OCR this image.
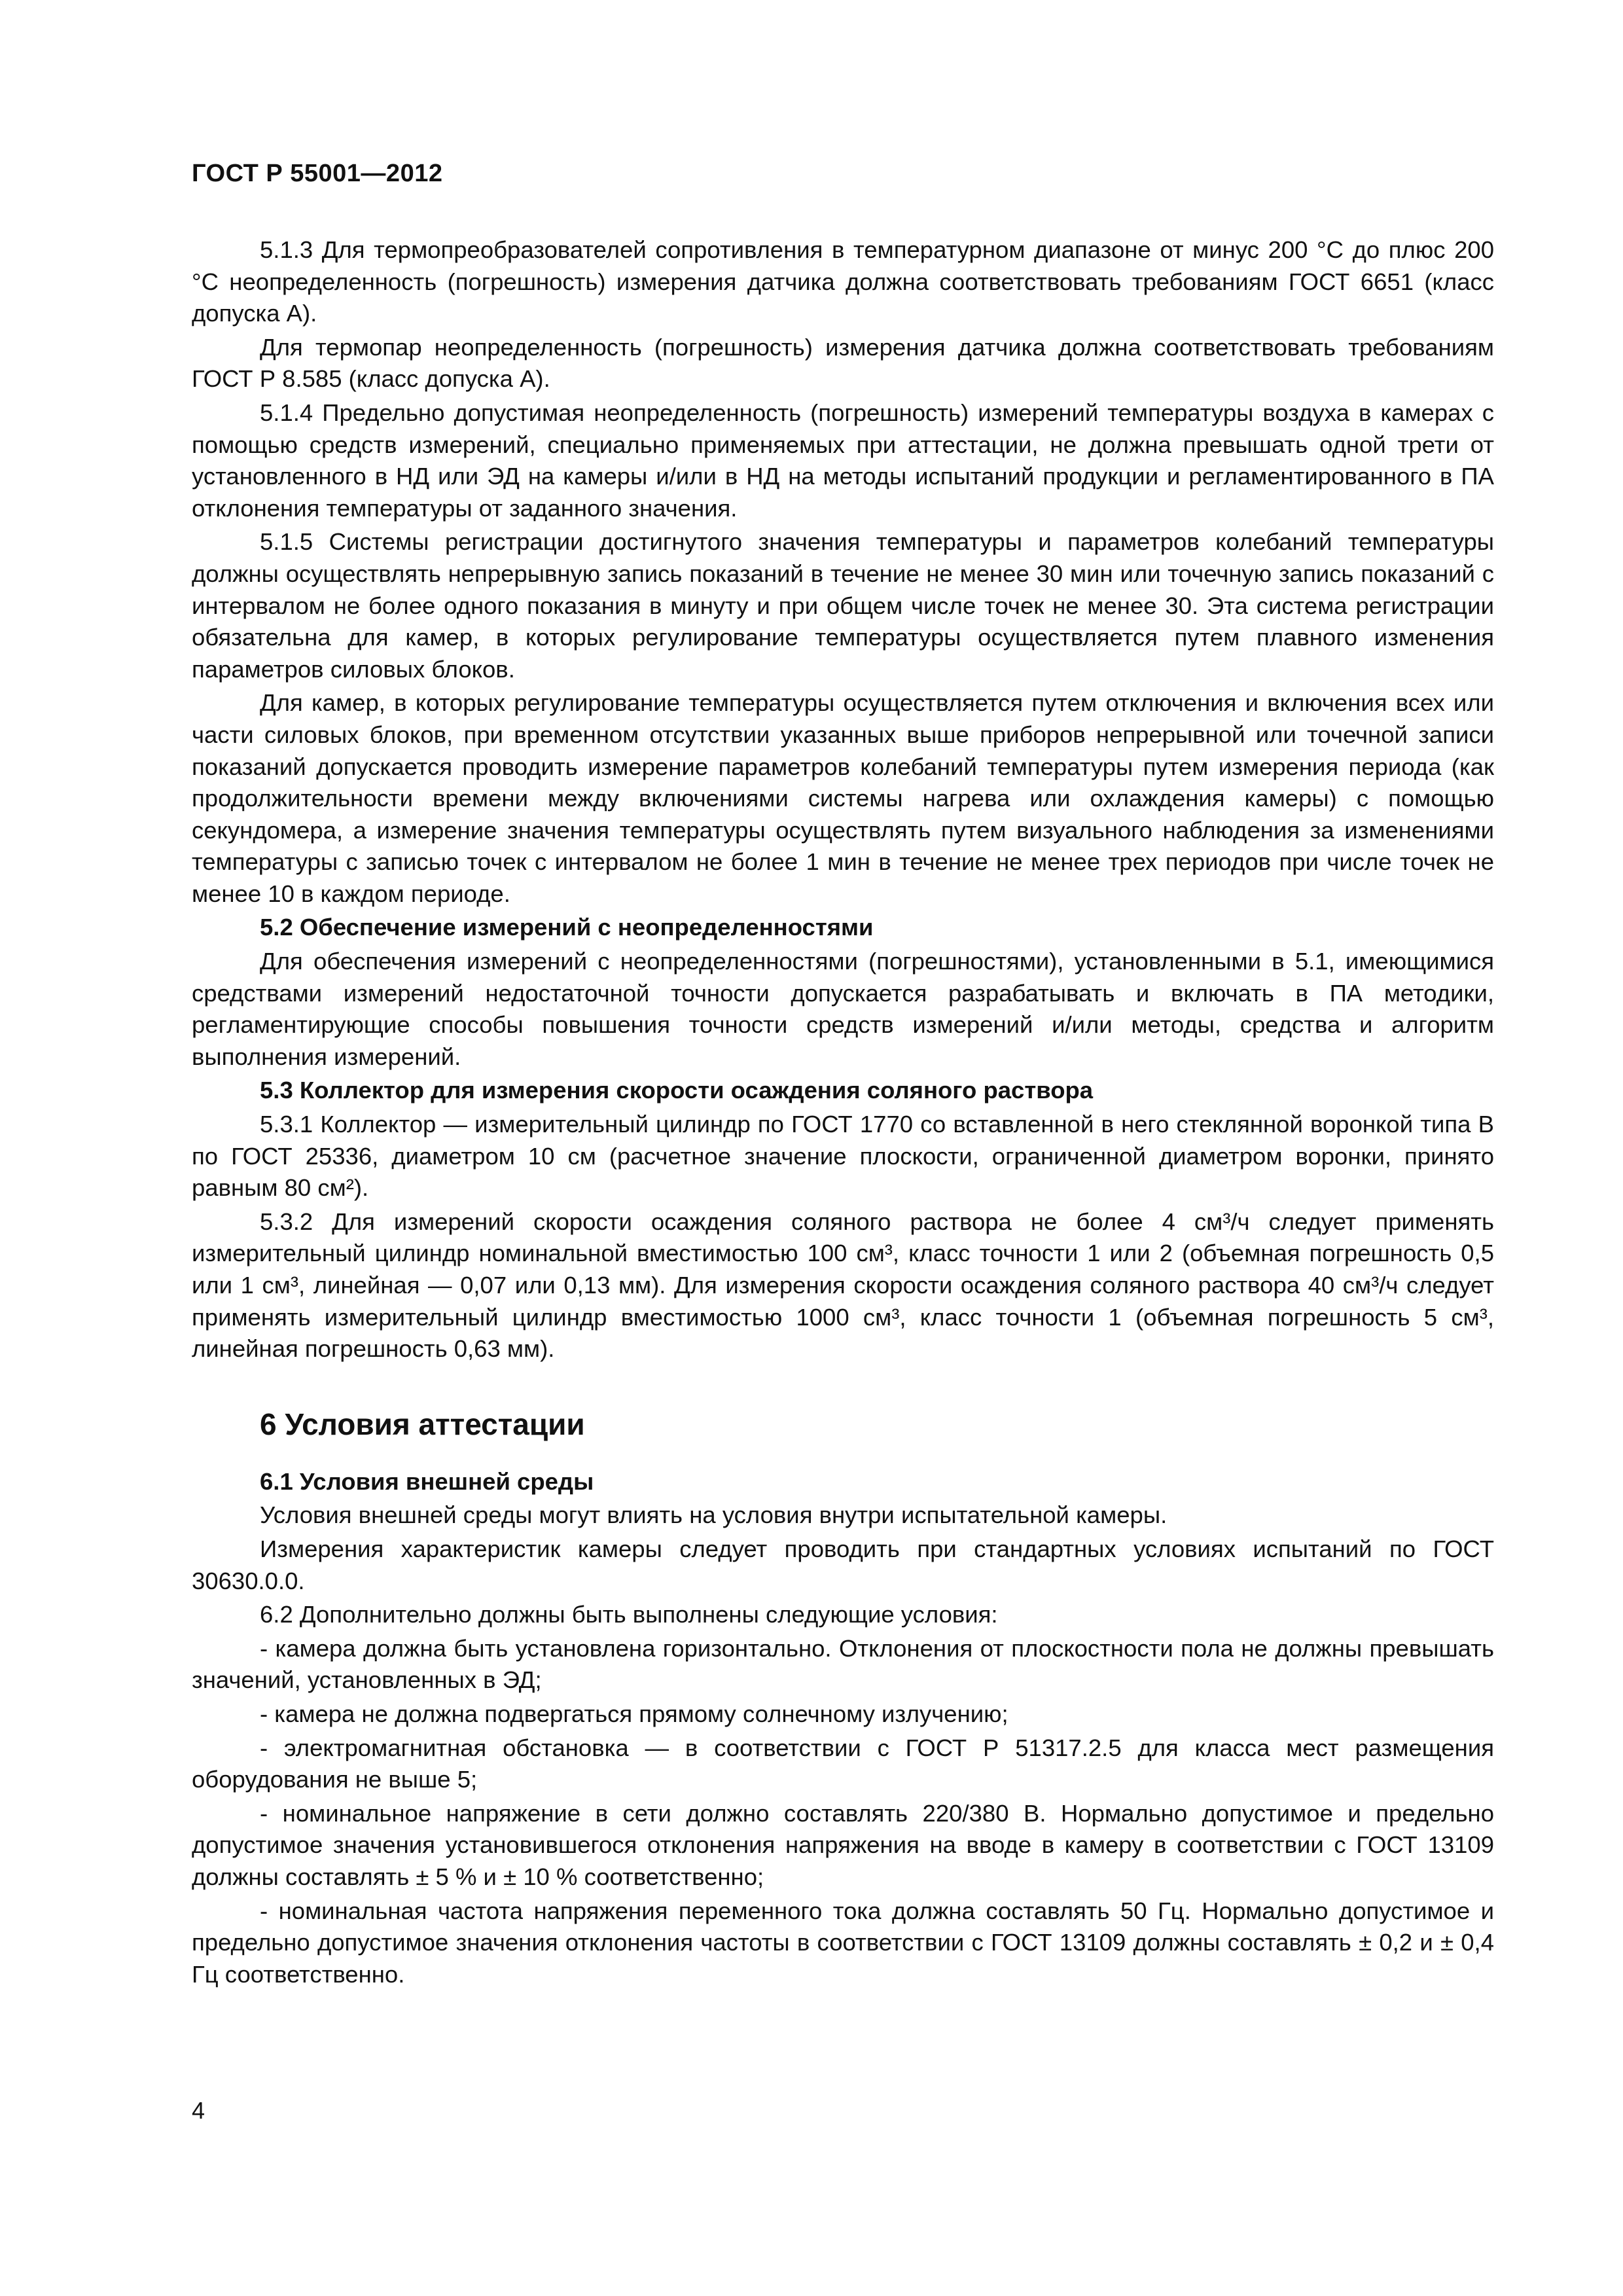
ГОСТ Р 55001—2012

5.1.3 Для термопреобразователей сопротивления в температурном диапазоне от минус 200 °С до плюс 200 °С неопределенность (погрешность) измерения датчика должна соответствовать требованиям ГОСТ 6651 (класс допуска А).

Для термопар неопределенность (погрешность) измерения датчика должна соответствовать требованиям ГОСТ Р 8.585 (класс допуска А).

5.1.4 Предельно допустимая неопределенность (погрешность) измерений температуры воздуха в камерах с помощью средств измерений, специально применяемых при аттестации, не должна превышать одной трети от установленного в НД или ЭД на камеры и/или в НД на методы испытаний продукции и регламентированного в ПА отклонения температуры от заданного значения.

5.1.5 Системы регистрации достигнутого значения температуры и параметров колебаний температуры должны осуществлять непрерывную запись показаний в течение не менее 30 мин или точечную запись показаний с интервалом не более одного показания в минуту и при общем числе точек не менее 30. Эта система регистрации обязательна для камер, в которых регулирование температуры осуществляется путем плавного изменения параметров силовых блоков.

Для камер, в которых регулирование температуры осуществляется путем отключения и включения всех или части силовых блоков, при временном отсутствии указанных выше приборов непрерывной или точечной записи показаний допускается проводить измерение параметров колебаний температуры путем измерения периода (как продолжительности времени между включениями системы нагрева или охлаждения камеры) с помощью секундомера, а измерение значения температуры осуществлять путем визуального наблюдения за изменениями температуры с записью точек с интервалом не более 1 мин в течение не менее трех периодов при числе точек не менее 10 в каждом периоде.

5.2 Обеспечение измерений с неопределенностями

Для обеспечения измерений с неопределенностями (погрешностями), установленными в 5.1, имеющимися средствами измерений недостаточной точности допускается разрабатывать и включать в ПА методики, регламентирующие способы повышения точности средств измерений и/или методы, средства и алгоритм выполнения измерений.

5.3 Коллектор для измерения скорости осаждения соляного раствора

5.3.1 Коллектор — измерительный цилиндр по ГОСТ 1770 со вставленной в него стеклянной воронкой типа В по ГОСТ 25336, диаметром 10 см (расчетное значение плоскости, ограниченной диаметром воронки, принято равным 80 см²).

5.3.2 Для измерений скорости осаждения соляного раствора не более 4 см³/ч следует применять измерительный цилиндр номинальной вместимостью 100 см³, класс точности 1 или 2 (объемная погрешность 0,5 или 1 см³, линейная — 0,07 или 0,13 мм). Для измерения скорости осаждения соляного раствора 40 см³/ч следует применять измерительный цилиндр вместимостью 1000 см³, класс точности 1 (объемная погрешность 5 см³, линейная погрешность 0,63 мм).

6 Условия аттестации

6.1 Условия внешней среды

Условия внешней среды могут влиять на условия внутри испытательной камеры.

Измерения характеристик камеры следует проводить при стандартных условиях испытаний по ГОСТ 30630.0.0.

6.2 Дополнительно должны быть выполнены следующие условия:

- камера должна быть установлена горизонтально. Отклонения от плоскостности пола не должны превышать значений, установленных в ЭД;

- камера не должна подвергаться прямому солнечному излучению;

- электромагнитная обстановка — в соответствии с ГОСТ Р 51317.2.5 для класса мест размещения оборудования не выше 5;

- номинальное напряжение в сети должно составлять 220/380 В. Нормально допустимое и предельно допустимое значения установившегося отклонения напряжения на вводе в камеру в соответствии с ГОСТ 13109 должны составлять ± 5 % и ± 10 % соответственно;

- номинальная частота напряжения переменного тока должна составлять 50 Гц. Нормально допустимое и предельно допустимое значения отклонения частоты в соответствии с ГОСТ 13109 должны составлять ± 0,2 и ± 0,4 Гц соответственно.

4
